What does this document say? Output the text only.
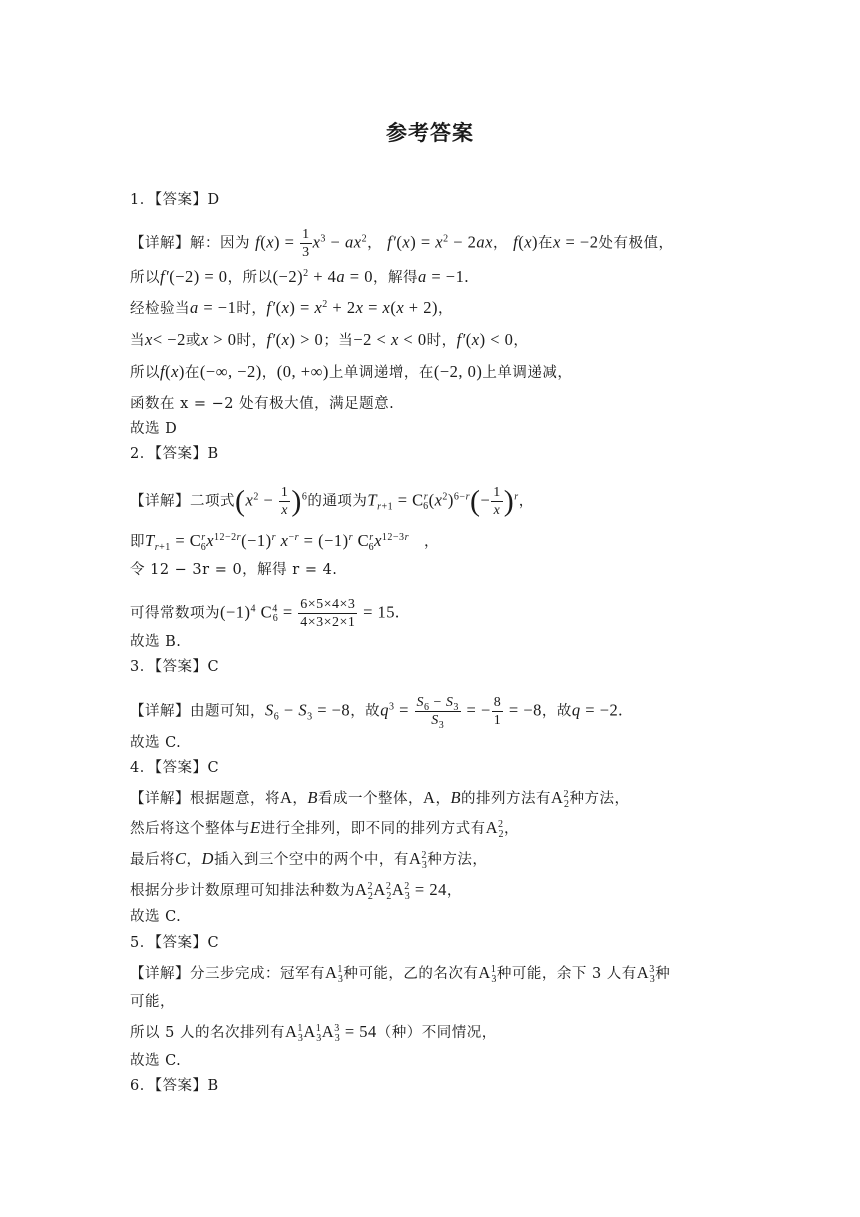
参考答案
1．【答案】D
【详解】解：因为 $f(x) = \frac{1}{3} x^3 - ax^2$， $f'(x) = x^2 - 2ax$， f(x)在x = −2处有极值，
所以f′(−2) = 0，所以$(-2)^2 + 4a = 0$，解得a = −1.
经检验当a = −1时，$f'(x) = x^2 + 2x = x(x + 2)$，
当x< −2或x > 0时，f′(x) > 0；当−2 < x < 0时，f′(x) < 0，
所以f(x)在(−∞, −2)，(0, +∞)上单调递增，在(−2, 0)上单调递减，
函数在 x = −2 处有极大值，满足题意.
故选 D
2．【答案】B
【详解】二项式$(x^2 - \frac{1}{x} )^6$的通项为$T_{r+1} = C^r_6(x^2)^{6-r}(- \frac{1}{x} )^r$，
即$T_{r+1} = C^r_6x^{12-2r}(-1)^r$ $x^{-r} = (-1)^r$ $C^r_6x^{12-3r}$　，
令 12 − 3r = 0，解得 r = 4.
可得常数项为$(-1)^4$ $C^4_6 = \frac{6\times 5\times 4\times 3}{4\times 3\times 2\times 1} = 15$.
故选 B.
3．【答案】C
【详解】由题可知，$S_6 - S_3 = -8$，故$q^3 = \frac{S_6 - S_3}{S_3}$ = − $\frac{8}{1} = -8$，故q = −2.
故选 C.
4．【答案】C
【详解】根据题意，将A，B看成一个整体，A，B的排列方法有$A^2_2$种方法，
然后将这个整体与E进行全排列，即不同的排列方式有$A^2_2$，
最后将C，D插入到三个空中的两个中，有$A^2_3$种方法，
根据分步计数原理可知排法种数为$A^2_2A^2_2A^2_3 = 24$，
故选 C.
5．【答案】C
【详解】分三步完成：冠军有$A^1_3$种可能，乙的名次有$A^1_3$种可能，余下 3 人有$A^3_3$种
可能，
所以 5 人的名次排列有$A^1_3A^1_3A^3_3 = 54$（种）不同情况，
故选 C.
6．【答案】B
